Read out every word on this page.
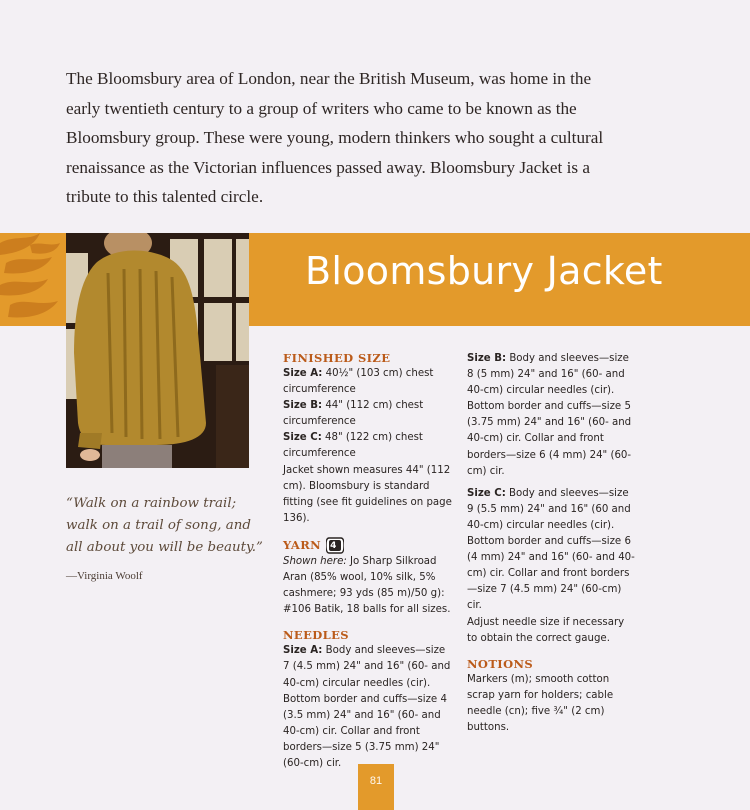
The Bloomsbury area of London, near the British Museum, was home in the early twentieth century to a group of writers who came to be known as the Bloomsbury group. These were young, modern thinkers who sought a cultural renaissance as the Victorian influences passed away. Bloomsbury Jacket is a tribute to this talented circle.

Bloomsbury Jacket
“Walk on a rainbow trail; walk on a trail of song, and all about you will be beauty.”
—Virginia Woolf

FINISHED SIZE

Size A: 40½" (103 cm) chest circumference

Size B: 44" (112 cm) chest circumference

Size C: 48" (122 cm) chest circumference

Jacket shown measures 44" (112 cm). Bloomsbury is standard fitting (see fit guidelines on page 136).

YARN 4

Shown here: Jo Sharp Silkroad Aran (85% wool, 10% silk, 5% cashmere; 93 yds (85 m)/50 g): #106 Batik, 18 balls for all sizes.

NEEDLES

Size A: Body and sleeves—size 7 (4.5 mm) 24" and 16" (60- and 40-cm) circular needles (cir). Bottom border and cuffs—size 4 (3.5 mm) 24" and 16" (60- and 40-cm) cir. Collar and front borders—size 5 (3.75 mm) 24" (60-cm) cir.

Size B: Body and sleeves—size 8 (5 mm) 24" and 16" (60- and 40-cm) circular needles (cir). Bottom border and cuffs—size 5 (3.75 mm) 24" and 16" (60- and 40-cm) cir. Collar and front borders—size 6 (4 mm) 24" (60-cm) cir.

Size C: Body and sleeves—size 9 (5.5 mm) 24" and 16" (60 and 40-cm) circular needles (cir). Bottom border and cuffs—size 6 (4 mm) 24" and 16" (60- and 40-cm) cir. Collar and front borders—size 7 (4.5 mm) 24" (60-cm) cir.

Adjust needle size if necessary to obtain the correct gauge.

NOTIONS

Markers (m); smooth cotton scrap yarn for holders; cable needle (cn); five ¾" (2 cm) buttons.

81
